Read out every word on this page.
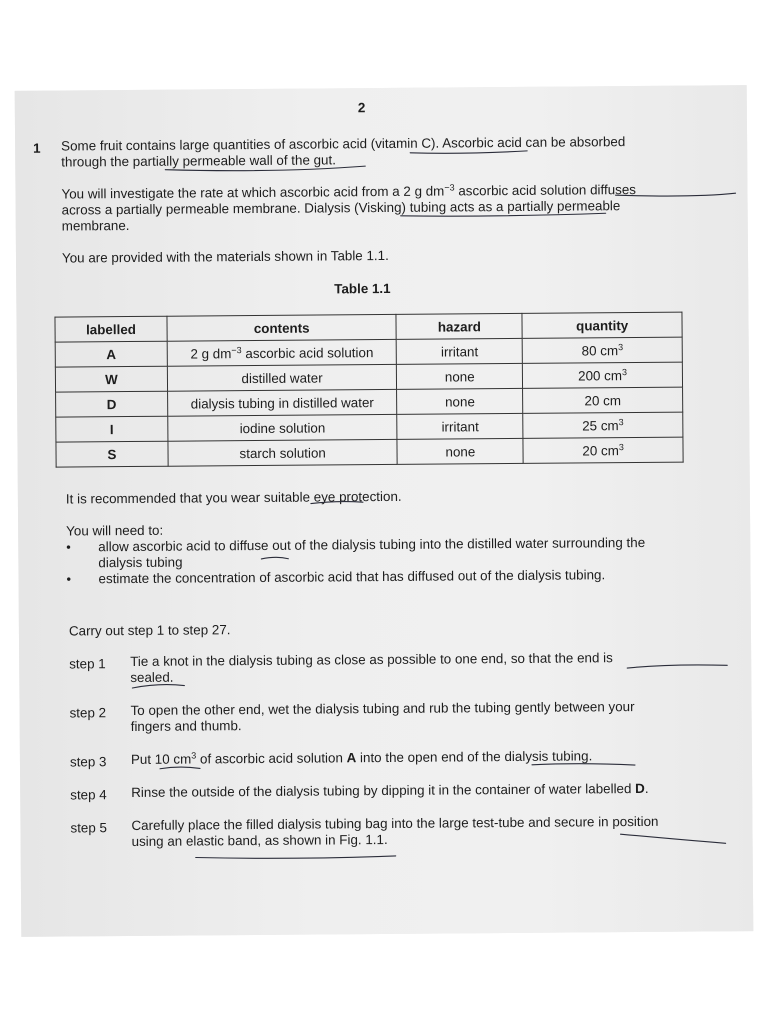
2
1 Some fruit contains large quantities of ascorbic acid (vitamin C). Ascorbic acid can be absorbed
through the partially permeable wall of the gut.
You will investigate the rate at which ascorbic acid from a 2 g $dm^{-3}$ ascorbic acid solution diffuses
across a partially permeable membrane. Dialysis (Visking) tubing acts as a partially permeable
membrane.
You are provided with the materials shown in Table 1.1.
Table 1.1
labelled	contents	hazard	quantity
A	2 g $dm^{-3}$ ascorbic acid solution	irritant	80 $cm^3$
W	distilled water	none	200 $cm^3$
D	dialysis tubing in distilled water	none	20 cm
I	iodine solution	irritant	25 $cm^3$
S	starch solution	none	20 $cm^3$
It is recommended that you wear suitable eye protection.
You will need to:
• allow ascorbic acid to diffuse out of the dialysis tubing into the distilled water surrounding the
dialysis tubing
• estimate the concentration of ascorbic acid that has diffused out of the dialysis tubing.
Carry out step 1 to step 27.
step 1 Tie a knot in the dialysis tubing as close as possible to one end, so that the end is
sealed.
step 2 To open the other end, wet the dialysis tubing and rub the tubing gently between your
fingers and thumb.
step 3 Put 10 $cm^3$ of ascorbic acid solution A into the open end of the dialysis tubing.
step 4 Rinse the outside of the dialysis tubing by dipping it in the container of water labelled D.
step 5 Carefully place the filled dialysis tubing bag into the large test-tube and secure in position
using an elastic band, as shown in Fig. 1.1.
